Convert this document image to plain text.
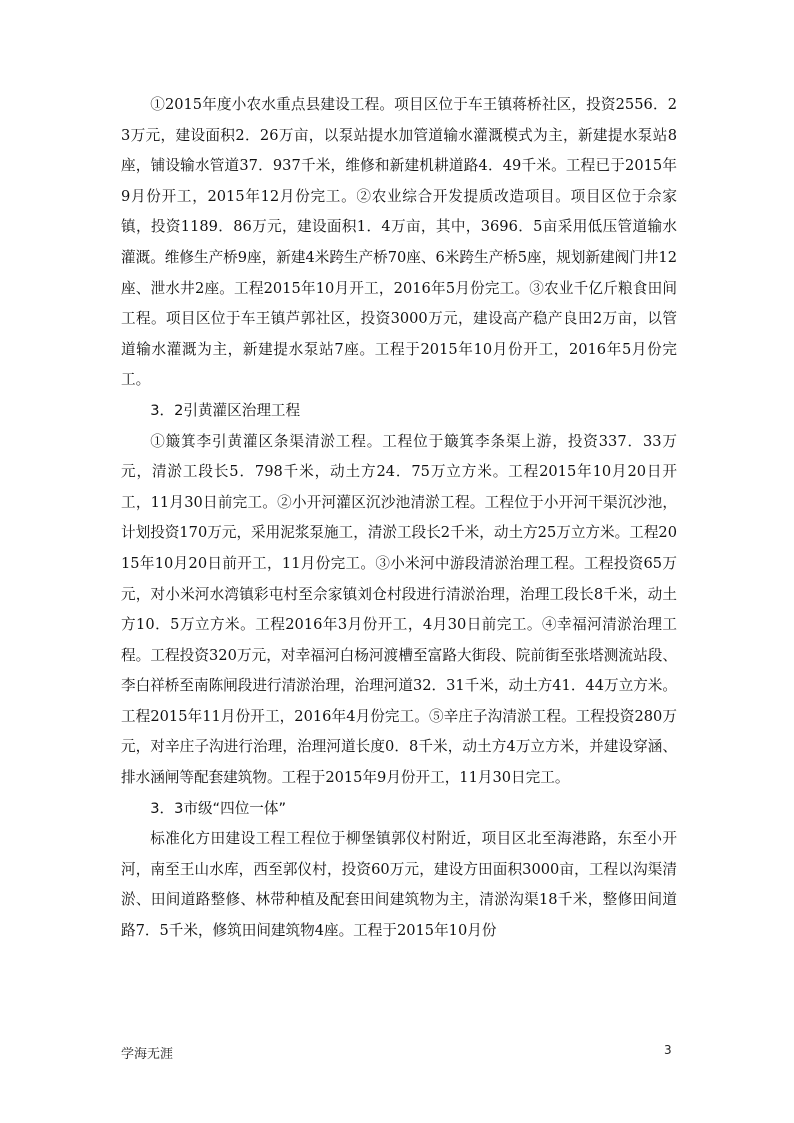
①2015年度小农水重点县建设工程。项目区位于车王镇蒋桥社区，投资2556．23万元，建设面积2．26万亩，以泵站提水加管道输水灌溉模式为主，新建提水泵站8座，铺设输水管道37．937千米，维修和新建机耕道路4．49千米。工程已于2015年9月份开工，2015年12月份完工。②农业综合开发提质改造项目。项目区位于佘家镇，投资1189．86万元，建设面积1．4万亩，其中，3696．5亩采用低压管道输水灌溉。维修生产桥9座，新建4米跨生产桥70座、6米跨生产桥5座，规划新建阀门井12座、泄水井2座。工程2015年10月开工，2016年5月份完工。③农业千亿斤粮食田间工程。项目区位于车王镇芦郭社区，投资3000万元，建设高产稳产良田2万亩，以管道输水灌溉为主，新建提水泵站7座。工程于2015年10月份开工，2016年5月份完工。

3．2引黄灌区治理工程

①簸箕李引黄灌区条渠清淤工程。工程位于簸箕李条渠上游，投资337．33万元，清淤工段长5．798千米，动土方24．75万立方米。工程2015年10月20日开工，11月30日前完工。②小开河灌区沉沙池清淤工程。工程位于小开河干渠沉沙池，计划投资170万元，采用泥浆泵施工，清淤工段长2千米，动土方25万立方米。工程2015年10月20日前开工，11月份完工。③小米河中游段清淤治理工程。工程投资65万元，对小米河水湾镇彩屯村至佘家镇刘仓村段进行清淤治理，治理工段长8千米，动土方10．5万立方米。工程2016年3月份开工，4月30日前完工。④幸福河清淤治理工程。工程投资320万元，对幸福河白杨河渡槽至富路大街段、院前街至张塔测流站段、李白祥桥至南陈闸段进行清淤治理，治理河道32．31千米，动土方41．44万立方米。工程2015年11月份开工，2016年4月份完工。⑤辛庄子沟清淤工程。工程投资280万元，对辛庄子沟进行治理，治理河道长度0．8千米，动土方4万立方米，并建设穿涵、排水涵闸等配套建筑物。工程于2015年9月份开工，11月30日完工。

3．3市级“四位一体”

标准化方田建设工程工程位于柳堡镇郭仪村附近，项目区北至海港路，东至小开河，南至王山水库，西至郭仪村，投资60万元，建设方田面积3000亩，工程以沟渠清淤、田间道路整修、林带种植及配套田间建筑物为主，清淤沟渠18千米，整修田间道路7．5千米，修筑田间建筑物4座。工程于2015年10月份

学海无涯	3
